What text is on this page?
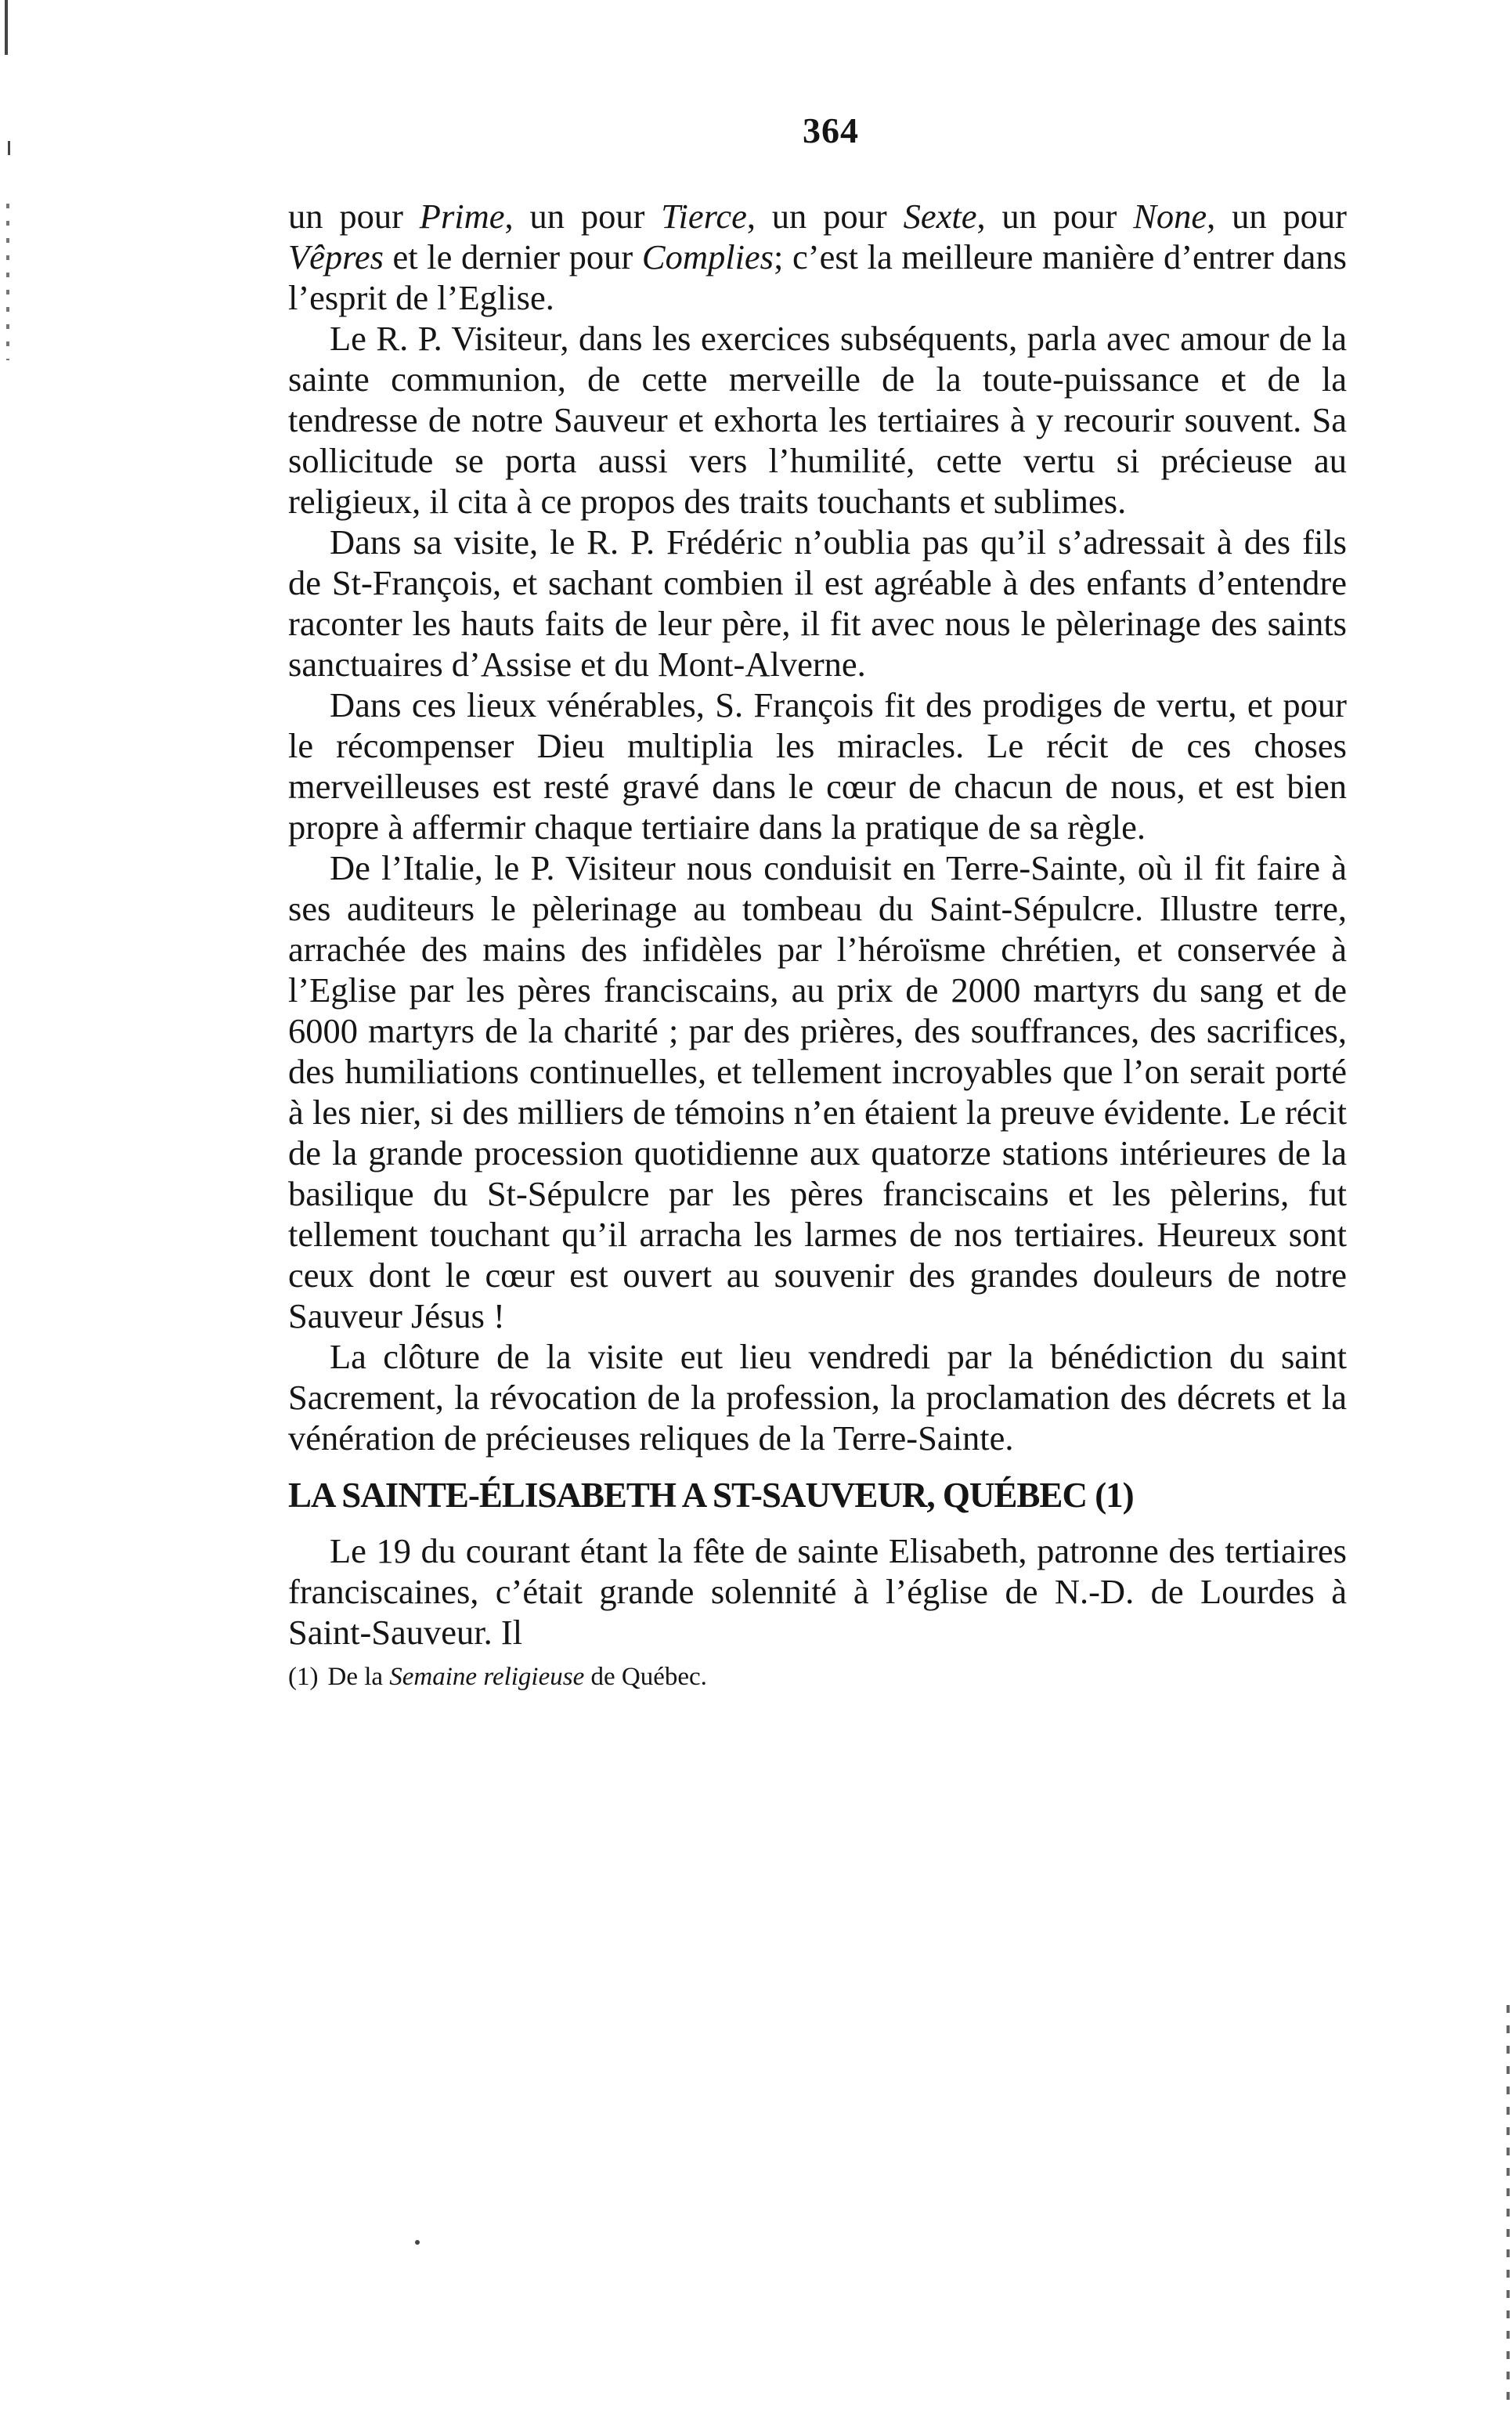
364

un pour Prime, un pour Tierce, un pour Sexte, un pour None, un pour Vêpres et le dernier pour Complies; c’est la meilleure manière d’entrer dans l’esprit de l’Eglise.

Le R. P. Visiteur, dans les exercices subséquents, parla avec amour de la sainte communion, de cette merveille de la toute-puissance et de la tendresse de notre Sauveur et exhorta les tertiaires à y recourir souvent. Sa sollicitude se porta aussi vers l’humilité, cette vertu si précieuse au religieux, il cita à ce propos des traits touchants et sublimes.

Dans sa visite, le R. P. Frédéric n’oublia pas qu’il s’adressait à des fils de St-François, et sachant combien il est agréable à des enfants d’entendre raconter les hauts faits de leur père, il fit avec nous le pèlerinage des saints sanctuaires d’Assise et du Mont-Alverne.

Dans ces lieux vénérables, S. François fit des prodiges de vertu, et pour le récompenser Dieu multiplia les miracles. Le récit de ces choses merveilleuses est resté gravé dans le cœur de chacun de nous, et est bien propre à affermir chaque tertiaire dans la pratique de sa règle.

De l’Italie, le P. Visiteur nous conduisit en Terre-Sainte, où il fit faire à ses auditeurs le pèlerinage au tombeau du Saint-Sépulcre. Illustre terre, arrachée des mains des infidèles par l’héroïsme chrétien, et conservée à l’Eglise par les pères franciscains, au prix de 2000 martyrs du sang et de 6000 martyrs de la charité ; par des prières, des souffrances, des sacrifices, des humiliations continuelles, et tellement incroyables que l’on serait porté à les nier, si des milliers de témoins n’en étaient la preuve évidente. Le récit de la grande procession quotidienne aux quatorze stations intérieures de la basilique du St-Sépulcre par les pères franciscains et les pèlerins, fut tellement touchant qu’il arracha les larmes de nos tertiaires. Heureux sont ceux dont le cœur est ouvert au souvenir des grandes douleurs de notre Sauveur Jésus !

La clôture de la visite eut lieu vendredi par la bénédiction du saint Sacrement, la révocation de la profession, la proclamation des décrets et la vénération de précieuses reliques de la Terre-Sainte.

LA SAINTE-ÉLISABETH A ST-SAUVEUR, QUÉBEC (1)

Le 19 du courant étant la fête de sainte Elisabeth, patronne des tertiaires franciscaines, c’était grande solennité à l’église de N.-D. de Lourdes à Saint-Sauveur. Il

(1) De la Semaine religieuse de Québec.
